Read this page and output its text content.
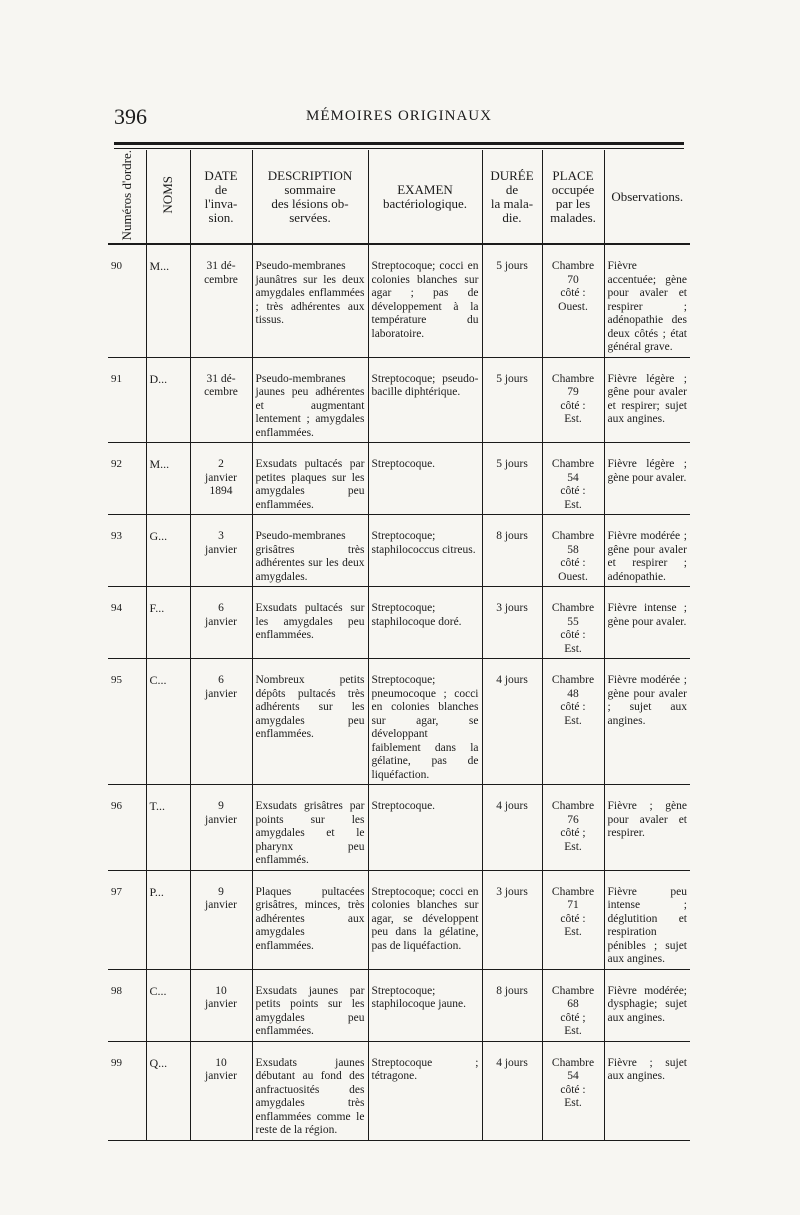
396	MÉMOIRES ORIGINAUX
Numéros d'ordre.	NOMS	DATE
de
l'inva-
sion.	DESCRIPTION
sommaire
des lésions ob-
servées.	EXAMEN
bactériologique.	DURÉE
de
la mala-
die.	PLACE
occupée
par les
malades.	Observations.

90	M...	31 dé-
cembre	Pseudo-membranes jaunâtres sur les deux amygdales enflammées ; très adhérentes aux tissus.	Streptocoque; cocci en colonies blanches sur agar ; pas de développement à la température du laboratoire.	5 jours	Chambre
70
côté :
Ouest.	Fièvre accentuée; gène pour avaler et respirer ; adénopathie des deux côtés ; état général grave.

91	D...	31 dé-
cembre	Pseudo-membranes jaunes peu adhérentes et augmentant lentement ; amygdales enflammées.	Streptocoque; pseudo-bacille diphtérique.	5 jours	Chambre
79
côté :
Est.	Fièvre légère ; gêne pour avaler et respirer; sujet aux angines.

92	M...	2
janvier
1894	Exsudats pultacés par petites plaques sur les amygdales peu enflammées.	Streptocoque.	5 jours	Chambre
54
côté :
Est.	Fièvre légère ; gène pour avaler.

93	G...	3
janvier	Pseudo-membranes grisâtres très adhérentes sur les deux amygdales.	Streptocoque; staphilococcus citreus.	8 jours	Chambre
58
côté :
Ouest.	Fièvre modérée ; gêne pour avaler et respirer ; adénopathie.

94	F...	6
janvier	Exsudats pultacés sur les amygdales peu enflammées.	Streptocoque; staphilocoque doré.	3 jours	Chambre
55
côté :
Est.	Fièvre intense ; gène pour avaler.

95	C...	6
janvier	Nombreux petits dépôts pultacés très adhérents sur les amygdales peu enflammées.	Streptocoque; pneumocoque ; cocci en colonies blanches sur agar, se développant faiblement dans la gélatine, pas de liquéfaction.	4 jours	Chambre
48
côté :
Est.	Fièvre modérée ; gène pour avaler ; sujet aux angines.

96	T...	9
janvier	Exsudats grisâtres par points sur les amygdales et le pharynx peu enflammés.	Streptocoque.	4 jours	Chambre
76
côté ;
Est.	Fièvre ; gène pour avaler et respirer.

97	P...	9
janvier	Plaques pultacées grisâtres, minces, très adhérentes aux amygdales enflammées.	Streptocoque; cocci en colonies blanches sur agar, se développent peu dans la gélatine, pas de liquéfaction.	3 jours	Chambre
71
côté :
Est.	Fièvre peu intense ; déglutition et respiration pénibles ; sujet aux angines.

98	C...	10
janvier	Exsudats jaunes par petits points sur les amygdales peu enflammées.	Streptocoque; staphilocoque jaune.	8 jours	Chambre
68
côté ;
Est.	Fièvre modérée; dysphagie; sujet aux angines.

99	Q...	10
janvier	Exsudats jaunes débutant au fond des anfractuosités des amygdales très enflammées comme le reste de la région.	Streptocoque ; tétragone.	4 jours	Chambre
54
côté :
Est.	Fièvre ; sujet aux angines.
